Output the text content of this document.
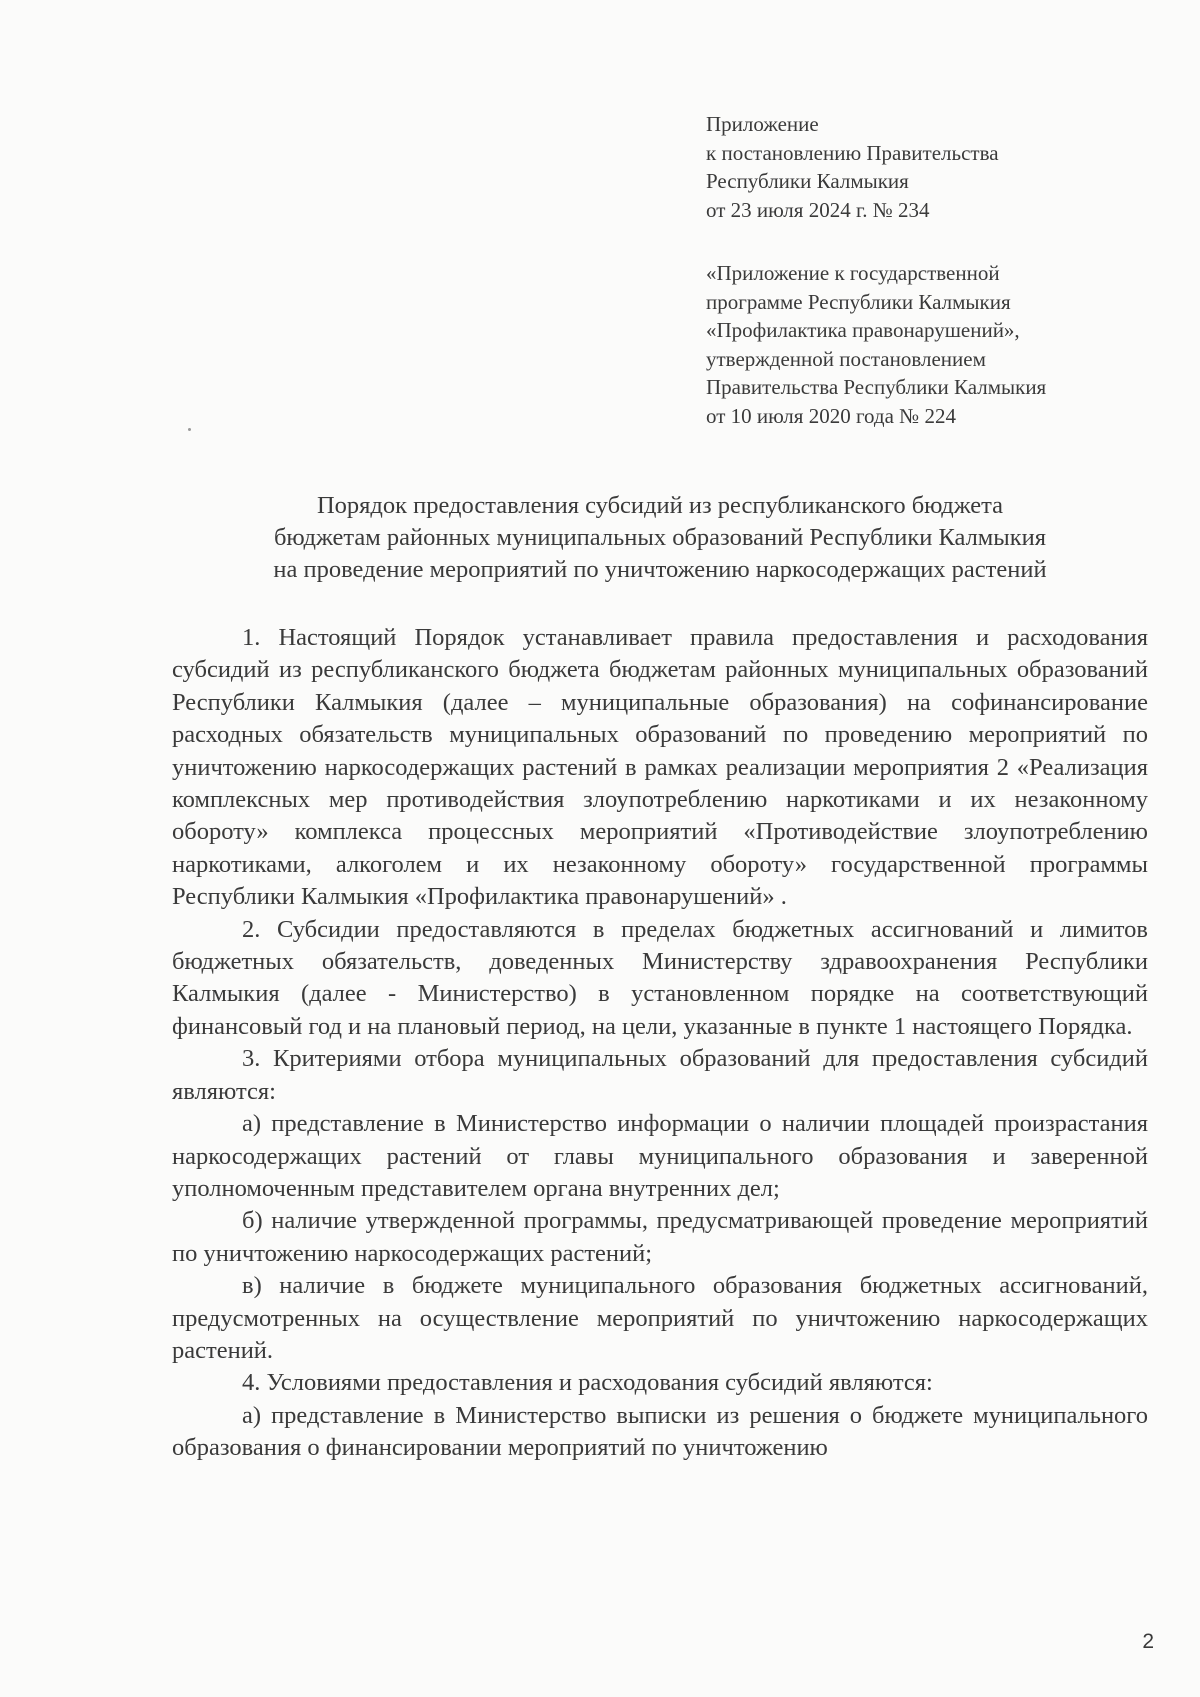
Приложение
к постановлению Правительства
Республики Калмыкия
от 23 июля 2024 г. № 234
«Приложение к государственной
программе Республики Калмыкия
«Профилактика правонарушений»,
утвержденной постановлением
Правительства Республики Калмыкия
от 10 июля 2020 года № 224
Порядок предоставления субсидий из республиканского бюджета
бюджетам районных муниципальных образований Республики Калмыкия
на проведение мероприятий по уничтожению наркосодержащих растений

1. Настоящий Порядок устанавливает правила предоставления и расходования субсидий из республиканского бюджета бюджетам районных муниципальных образований Республики Калмыкия (далее – муниципальные образования) на софинансирование расходных обязательств муниципальных образований по проведению мероприятий по уничтожению наркосодержащих растений в рамках реализации мероприятия 2 «Реализация комплексных мер противодействия злоупотреблению наркотиками и их незаконному обороту» комплекса процессных мероприятий «Противодействие злоупотреблению наркотиками, алкоголем и их незаконному обороту» государственной программы Республики Калмыкия «Профилактика правонарушений» .

2. Субсидии предоставляются в пределах бюджетных ассигнований и лимитов бюджетных обязательств, доведенных Министерству здравоохранения Республики Калмыкия (далее - Министерство) в установленном порядке на соответствующий финансовый год и на плановый период, на цели, указанные в пункте 1 настоящего Порядка.

3. Критериями отбора муниципальных образований для предоставления субсидий являются:

а) представление в Министерство информации о наличии площадей произрастания наркосодержащих растений от главы муниципального образования и заверенной уполномоченным представителем органа внутренних дел;

б) наличие утвержденной программы, предусматривающей проведение мероприятий по уничтожению наркосодержащих растений;

в) наличие в бюджете муниципального образования бюджетных ассигнований, предусмотренных на осуществление мероприятий по уничтожению наркосодержащих растений.

4. Условиями предоставления и расходования субсидий являются:

а) представление в Министерство выписки из решения о бюджете муниципального образования о финансировании мероприятий по уничтожению

2
